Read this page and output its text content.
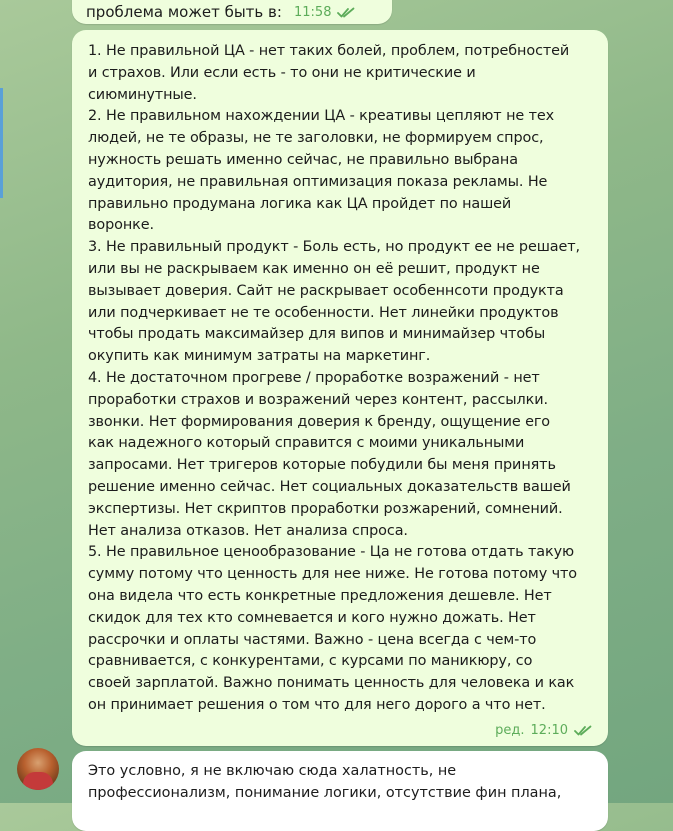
проблема может быть в: 11:58
1. Не правильной ЦА - нет таких болей, проблем, потребностей
и страхов. Или если есть - то они не критические и
сиюминутные.
2. Не правильном нахождении ЦА - креативы цепляют не тех
людей, не те образы, не те заголовки, не формируем спрос,
нужность решать именно сейчас, не правильно выбрана
аудитория, не правильная оптимизация показа рекламы. Не
правильно продумана логика как ЦА пройдет по нашей
воронке.
3. Не правильный продукт - Боль есть, но продукт ее не решает,
или вы не раскрываем как именно он её решит, продукт не
вызывает доверия. Сайт не раскрывает особеннсоти продукта
или подчеркивает не те особенности. Нет линейки продуктов
чтобы продать максимайзер для випов и минимайзер чтобы
окупить как минимум затраты на маркетинг.
4. Не достаточном прогреве / проработке возражений - нет
проработки страхов и возражений через контент, рассылки.
звонки. Нет формирования доверия к бренду, ощущение его
как надежного который справится с моими уникальными
запросами. Нет тригеров которые побудили бы меня принять
решение именно сейчас. Нет социальных доказательств вашей
экспертизы. Нет скриптов проработки розжарений, сомнений.
Нет анализа отказов. Нет анализа спроса.
5. Не правильное ценообразование - Ца не готова отдать такую
сумму потому что ценность для нее ниже. Не готова потому что
она видела что есть конкретные предложения дешевле. Нет
скидок для тех кто сомневается и кого нужно дожать. Нет
рассрочки и оплаты частями. Важно - цена всегда с чем-то
сравнивается, с конкурентами, с курсами по маникюру, со
своей зарплатой. Важно понимать ценность для человека и как
он принимает решения о том что для него дорого а что нет.
ред. 12:10
Это условно, я не включаю сюда халатность, не
профессионализм, понимание логики, отсутствие фин плана,
